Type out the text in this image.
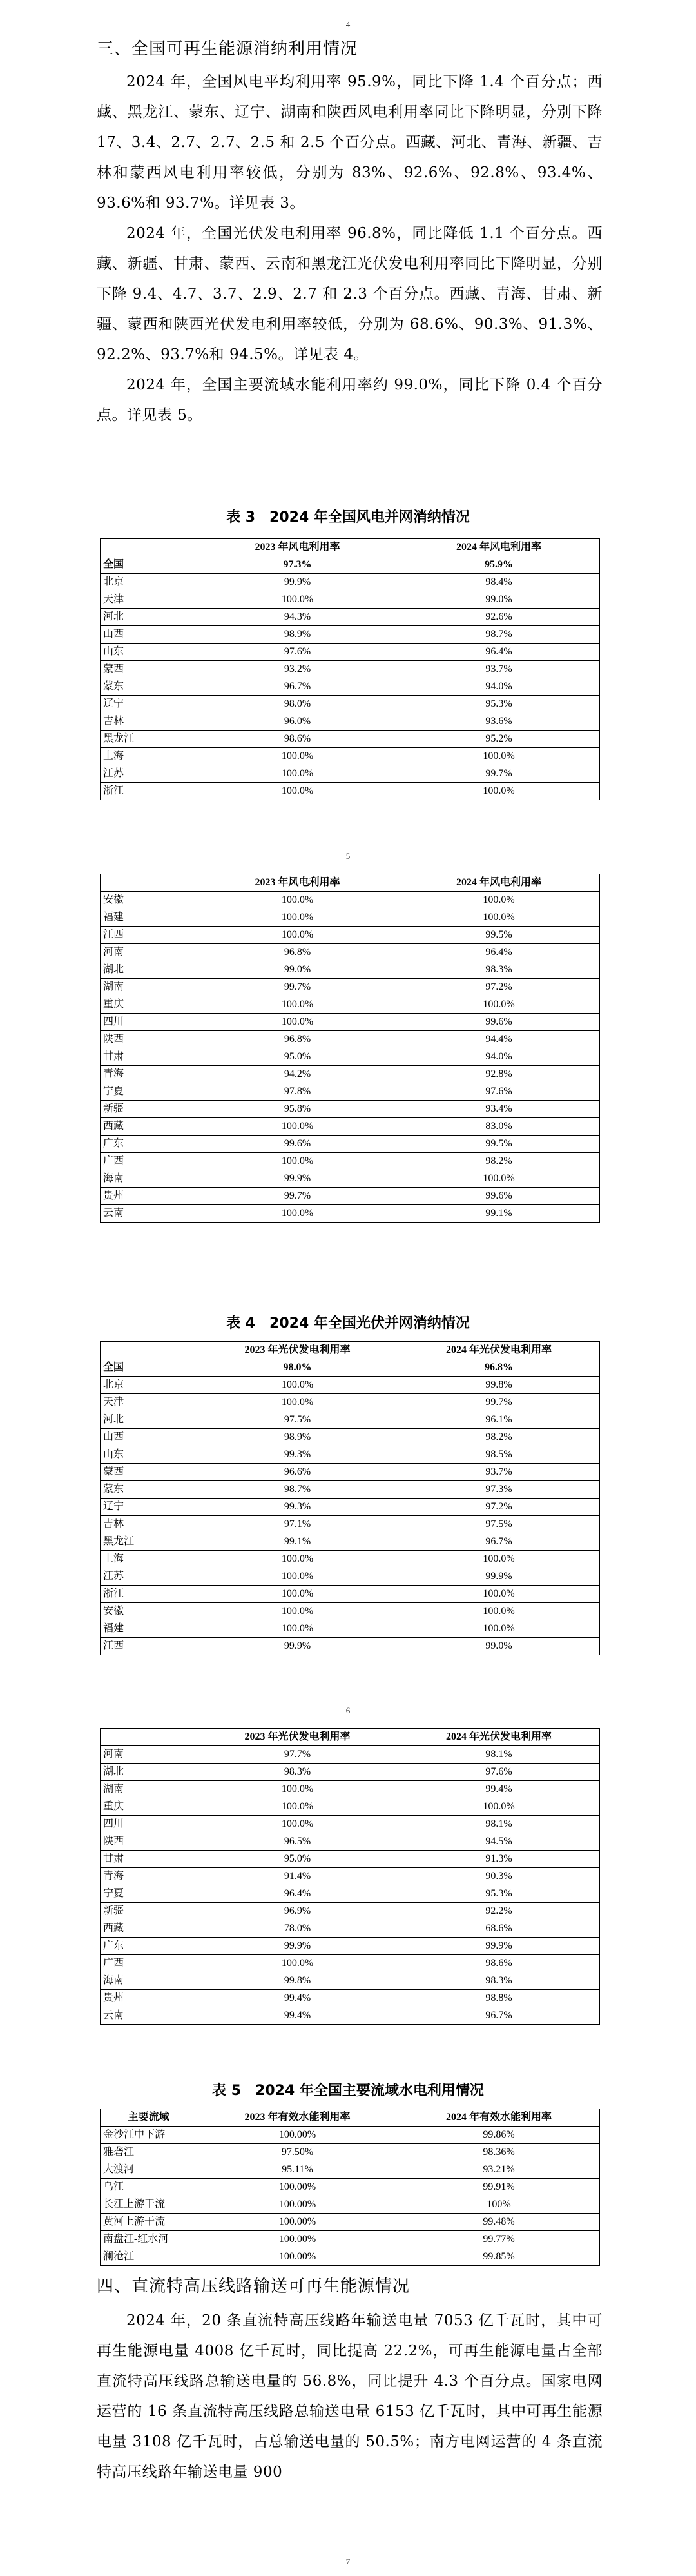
4
三、全国可再生能源消纳利用情况

2024 年，全国风电平均利用率 95.9%，同比下降 1.4 个百分点；西藏、黑龙江、蒙东、辽宁、湖南和陕西风电利用率同比下降明显，分别下降 17、3.4、2.7、2.7、2.5 和 2.5 个百分点。西藏、河北、青海、新疆、吉林和蒙西风电利用率较低，分别为 83%、92.6%、92.8%、93.4%、93.6%和 93.7%。详见表 3。

2024 年，全国光伏发电利用率 96.8%，同比降低 1.1 个百分点。西藏、新疆、甘肃、蒙西、云南和黑龙江光伏发电利用率同比下降明显，分别下降 9.4、4.7、3.7、2.9、2.7 和 2.3 个百分点。西藏、青海、甘肃、新疆、蒙西和陕西光伏发电利用率较低，分别为 68.6%、90.3%、91.3%、92.2%、93.7%和 94.5%。详见表 4。

2024 年，全国主要流域水能利用率约 99.0%，同比下降 0.4 个百分点。详见表 5。

表 3　2024 年全国风电并网消纳情况
	2023 年风电利用率	2024 年风电利用率
全国	97.3%	95.9%
北京	99.9%	98.4%
天津	100.0%	99.0%
河北	94.3%	92.6%
山西	98.9%	98.7%
山东	97.6%	96.4%
蒙西	93.2%	93.7%
蒙东	96.7%	94.0%
辽宁	98.0%	95.3%
吉林	96.0%	93.6%
黑龙江	98.6%	95.2%
上海	100.0%	100.0%
江苏	100.0%	99.7%
浙江	100.0%	100.0%
5
	2023 年风电利用率	2024 年风电利用率
安徽	100.0%	100.0%
福建	100.0%	100.0%
江西	100.0%	99.5%
河南	96.8%	96.4%
湖北	99.0%	98.3%
湖南	99.7%	97.2%
重庆	100.0%	100.0%
四川	100.0%	99.6%
陕西	96.8%	94.4%
甘肃	95.0%	94.0%
青海	94.2%	92.8%
宁夏	97.8%	97.6%
新疆	95.8%	93.4%
西藏	100.0%	83.0%
广东	99.6%	99.5%
广西	100.0%	98.2%
海南	99.9%	100.0%
贵州	99.7%	99.6%
云南	100.0%	99.1%
表 4　2024 年全国光伏并网消纳情况
	2023 年光伏发电利用率	2024 年光伏发电利用率
全国	98.0%	96.8%
北京	100.0%	99.8%
天津	100.0%	99.7%
河北	97.5%	96.1%
山西	98.9%	98.2%
山东	99.3%	98.5%
蒙西	96.6%	93.7%
蒙东	98.7%	97.3%
辽宁	99.3%	97.2%
吉林	97.1%	97.5%
黑龙江	99.1%	96.7%
上海	100.0%	100.0%
江苏	100.0%	99.9%
浙江	100.0%	100.0%
安徽	100.0%	100.0%
福建	100.0%	100.0%
江西	99.9%	99.0%
6
	2023 年光伏发电利用率	2024 年光伏发电利用率
河南	97.7%	98.1%
湖北	98.3%	97.6%
湖南	100.0%	99.4%
重庆	100.0%	100.0%
四川	100.0%	98.1%
陕西	96.5%	94.5%
甘肃	95.0%	91.3%
青海	91.4%	90.3%
宁夏	96.4%	95.3%
新疆	96.9%	92.2%
西藏	78.0%	68.6%
广东	99.9%	99.9%
广西	100.0%	98.6%
海南	99.8%	98.3%
贵州	99.4%	98.8%
云南	99.4%	96.7%
表 5　2024 年全国主要流域水电利用情况
主要流域	2023 年有效水能利用率	2024 年有效水能利用率
金沙江中下游	100.00%	99.86%
雅砻江	97.50%	98.36%
大渡河	95.11%	93.21%
乌江	100.00%	99.91%
长江上游干流	100.00%	100%
黄河上游干流	100.00%	99.48%
南盘江-红水河	100.00%	99.77%
澜沧江	100.00%	99.85%
四、直流特高压线路输送可再生能源情况

2024 年，20 条直流特高压线路年输送电量 7053 亿千瓦时，其中可再生能源电量 4008 亿千瓦时，同比提高 22.2%，可再生能源电量占全部直流特高压线路总输送电量的 56.8%，同比提升 4.3 个百分点。国家电网运营的 16 条直流特高压线路总输送电量 6153 亿千瓦时，其中可再生能源电量 3108 亿千瓦时，占总输送电量的 50.5%；南方电网运营的 4 条直流特高压线路年输送电量 900

7
